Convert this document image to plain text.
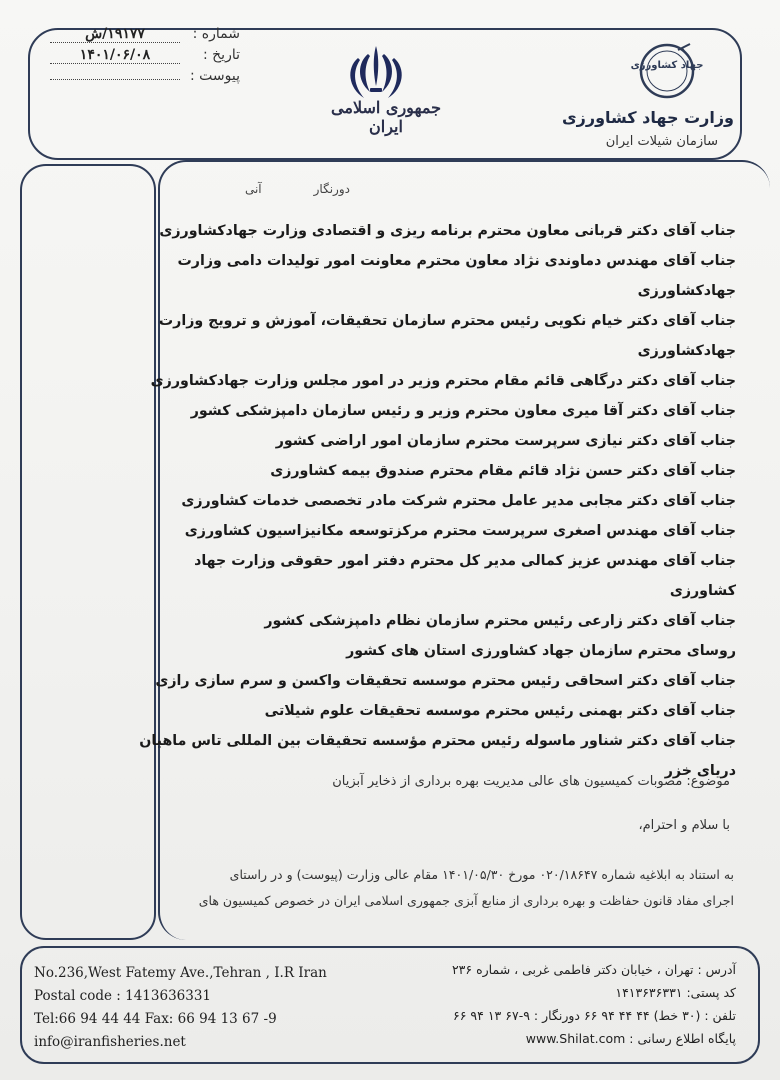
شماره :
۱۹۱۷۷/ش
تاریخ :
۱۴۰۱/۰۶/۰۸
پیوست :
جمهوری اسلامی ایران
جهاد کشاورزی
وزارت جهاد کشاورزی
سازمان شیلات ایران
دورنگار
آنی
جناب آقای دکتر قربانی معاون محترم برنامه ریزی و اقتصادی وزارت جهادکشاورزی
جناب آقای مهندس دماوندی نژاد معاون محترم معاونت امور تولیدات دامی وزارت
جهادکشاورزی
جناب آقای دکتر خیام نکویی رئیس محترم سازمان تحقیقات، آموزش و ترویج وزارت
جهادکشاورزی
جناب آقای دکتر درگاهی قائم مقام محترم وزیر در امور مجلس وزارت جهادکشاورزی
جناب آقای دکتر آقا میری معاون محترم وزیر و رئیس سازمان دامپزشکی کشور
جناب آقای دکتر نیازی سرپرست محترم سازمان امور اراضی کشور
جناب آقای دکتر حسن نژاد قائم مقام محترم صندوق بیمه کشاورزی
جناب آقای دکتر مجابی مدیر عامل محترم شرکت مادر تخصصی خدمات کشاورزی
جناب آقای مهندس اصغری سرپرست محترم مرکزتوسعه مکانیزاسیون کشاورزی
جناب آقای مهندس عزیز کمالی مدیر کل محترم دفتر امور حقوقی وزارت جهاد
کشاورزی
جناب آقای دکتر زارعی رئیس محترم سازمان نظام دامپزشکی کشور
روسای محترم سازمان جهاد کشاورزی استان های کشور
جناب آقای دکتر اسحاقی رئیس محترم موسسه تحقیقات واکسن و سرم سازی رازی
جناب آقای دکتر بهمنی رئیس محترم موسسه تحقیقات علوم شیلاتی
جناب آقای دکتر شناور ماسوله رئیس محترم مؤسسه تحقیقات بین المللی تاس ماهیان
دریای خزر
موضوع: مصوبات کمیسیون های عالی مدیریت بهره برداری از ذخایر آبزیان
با سلام و احترام،
به استناد به ابلاغیه شماره ۰۲۰/۱۸۶۴۷ مورخ ۱۴۰۱/۰۵/۳۰ مقام عالی وزارت (پیوست) و در راستای
اجرای مفاد قانون حفاظت و بهره برداری از منابع آبزی جمهوری اسلامی ایران در خصوص کمیسیون های
No.236,West Fatemy Ave.,Tehran , I.R Iran
Postal code : 1413636331
Tel:66 94 44 44 Fax: 66 94 13 67 -9
info@iranfisheries.net
آدرس : تهران ، خیابان دکتر فاطمی غربی ، شماره ۲۳۶
کد پستی: ۱۴۱۳۶۳۶۳۳۱
تلفن : (۳۰ خط) ۴۴ ۴۴ ۹۴ ۶۶ دورنگار : ۹-۶۷ ۱۳ ۹۴ ۶۶
پایگاه اطلاع رسانی : www.Shilat.com
